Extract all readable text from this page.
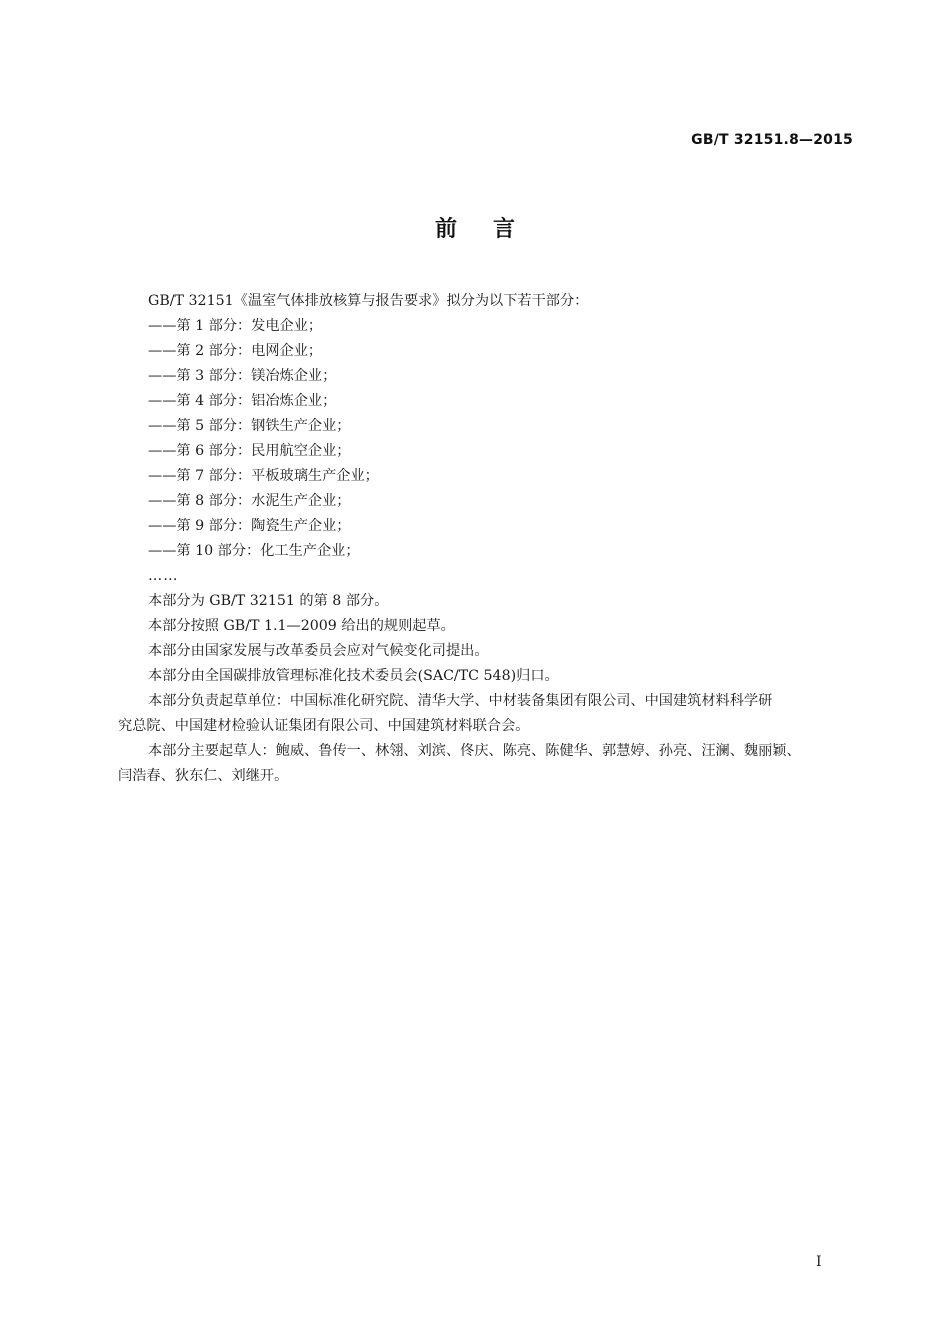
GB/T 32151.8—2015
前言

GB/T 32151《温室气体排放核算与报告要求》拟分为以下若干部分：

——第 1 部分：发电企业；

——第 2 部分：电网企业；

——第 3 部分：镁冶炼企业；

——第 4 部分：铝冶炼企业；

——第 5 部分：钢铁生产企业；

——第 6 部分：民用航空企业；

——第 7 部分：平板玻璃生产企业；

——第 8 部分：水泥生产企业；

——第 9 部分：陶瓷生产企业；

——第 10 部分：化工生产企业；

……

本部分为 GB/T 32151 的第 8 部分。

本部分按照 GB/T 1.1—2009 给出的规则起草。

本部分由国家发展与改革委员会应对气候变化司提出。

本部分由全国碳排放管理标准化技术委员会(SAC/TC 548)归口。

本部分负责起草单位：中国标准化研究院、清华大学、中材装备集团有限公司、中国建筑材料科学研

究总院、中国建材检验认证集团有限公司、中国建筑材料联合会。

本部分主要起草人：鲍威、鲁传一、林翎、刘滨、佟庆、陈亮、陈健华、郭慧婷、孙亮、汪澜、魏丽颖、

闫浩春、狄东仁、刘继开。

I
